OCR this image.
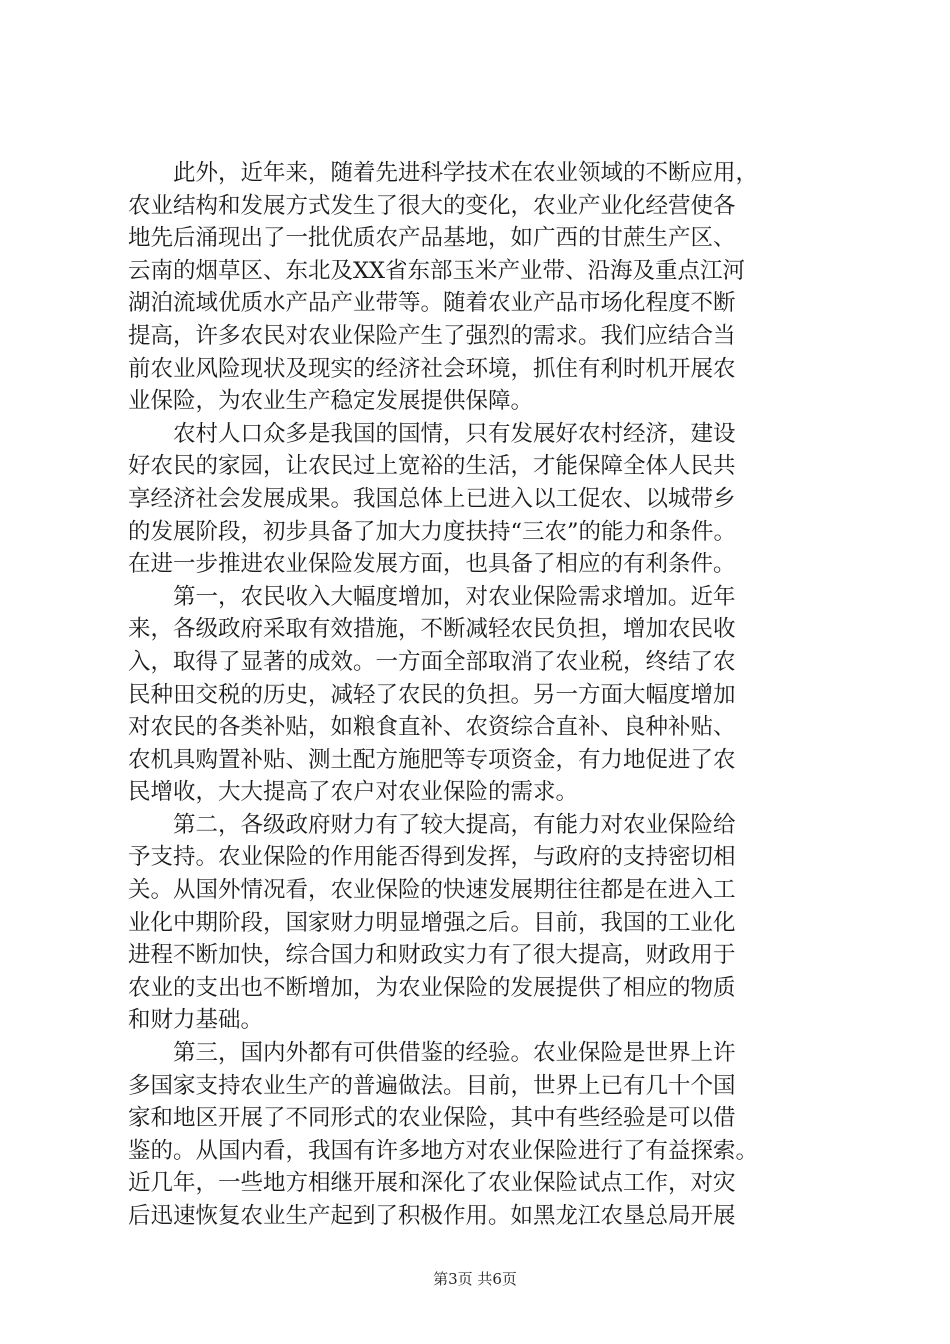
　　此外，近年来，随着先进科学技术在农业领域的不断应用，
农业结构和发展方式发生了很大的变化，农业产业化经营使各
地先后涌现出了一批优质农产品基地，如广西的甘蔗生产区、
云南的烟草区、东北及XX省东部玉米产业带、沿海及重点江河
湖泊流域优质水产品产业带等。随着农业产品市场化程度不断
提高，许多农民对农业保险产生了强烈的需求。我们应结合当
前农业风险现状及现实的经济社会环境，抓住有利时机开展农
业保险，为农业生产稳定发展提供保障。
　　农村人口众多是我国的国情，只有发展好农村经济，建设
好农民的家园，让农民过上宽裕的生活，才能保障全体人民共
享经济社会发展成果。我国总体上已进入以工促农、以城带乡
的发展阶段，初步具备了加大力度扶持“三农”的能力和条件。
在进一步推进农业保险发展方面，也具备了相应的有利条件。
　　第一，农民收入大幅度增加，对农业保险需求增加。近年
来，各级政府采取有效措施，不断减轻农民负担，增加农民收
入，取得了显著的成效。一方面全部取消了农业税，终结了农
民种田交税的历史，减轻了农民的负担。另一方面大幅度增加
对农民的各类补贴，如粮食直补、农资综合直补、良种补贴、
农机具购置补贴、测土配方施肥等专项资金，有力地促进了农
民增收，大大提高了农户对农业保险的需求。
　　第二，各级政府财力有了较大提高，有能力对农业保险给
予支持。农业保险的作用能否得到发挥，与政府的支持密切相
关。从国外情况看，农业保险的快速发展期往往都是在进入工
业化中期阶段，国家财力明显增强之后。目前，我国的工业化
进程不断加快，综合国力和财政实力有了很大提高，财政用于
农业的支出也不断增加，为农业保险的发展提供了相应的物质
和财力基础。
　　第三，国内外都有可供借鉴的经验。农业保险是世界上许
多国家支持农业生产的普遍做法。目前，世界上已有几十个国
家和地区开展了不同形式的农业保险，其中有些经验是可以借
鉴的。从国内看，我国有许多地方对农业保险进行了有益探索。
近几年，一些地方相继开展和深化了农业保险试点工作，对灾
后迅速恢复农业生产起到了积极作用。如黑龙江农垦总局开展
第3页 共6页
